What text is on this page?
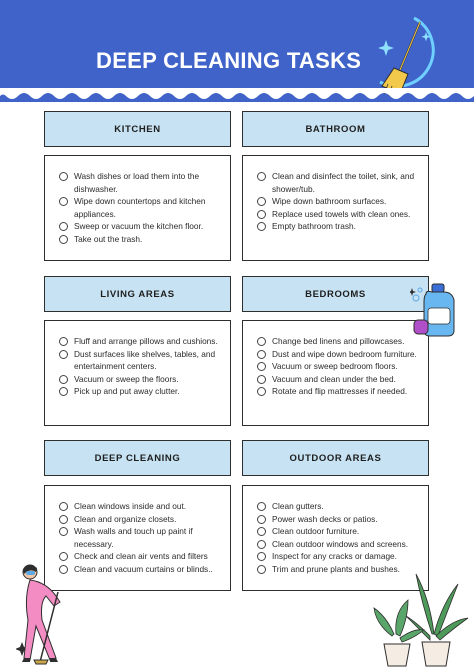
DEEP CLEANING TASKS
KITCHEN	BATHROOM
Wash dishes or load them into the dishwasher.
Wipe down countertops and kitchen appliances.
Sweep or vacuum the kitchen floor.
Take out the trash.
Clean and disinfect the toilet, sink, and shower/tub.
Wipe down bathroom surfaces.
Replace used towels with clean ones.
Empty bathroom trash.
LIVING AREAS	BEDROOMS
Fluff and arrange pillows and cushions.
Dust surfaces like shelves, tables, and entertainment centers.
Vacuum or sweep the floors.
Pick up and put away clutter.
Change bed linens and pillowcases.
Dust and wipe down bedroom furniture.
Vacuum or sweep bedroom floors.
Vacuum and clean under the bed.
Rotate and flip mattresses if needed.
DEEP CLEANING	OUTDOOR AREAS
Clean windows inside and out.
Clean and organize closets.
Wash walls and touch up paint if necessary.
Check and clean air vents and filters
Clean and vacuum curtains or blinds..
Clean gutters.
Power wash decks or patios.
Clean outdoor furniture.
Clean outdoor windows and screens.
Inspect for any cracks or damage.
Trim and prune plants and bushes.
